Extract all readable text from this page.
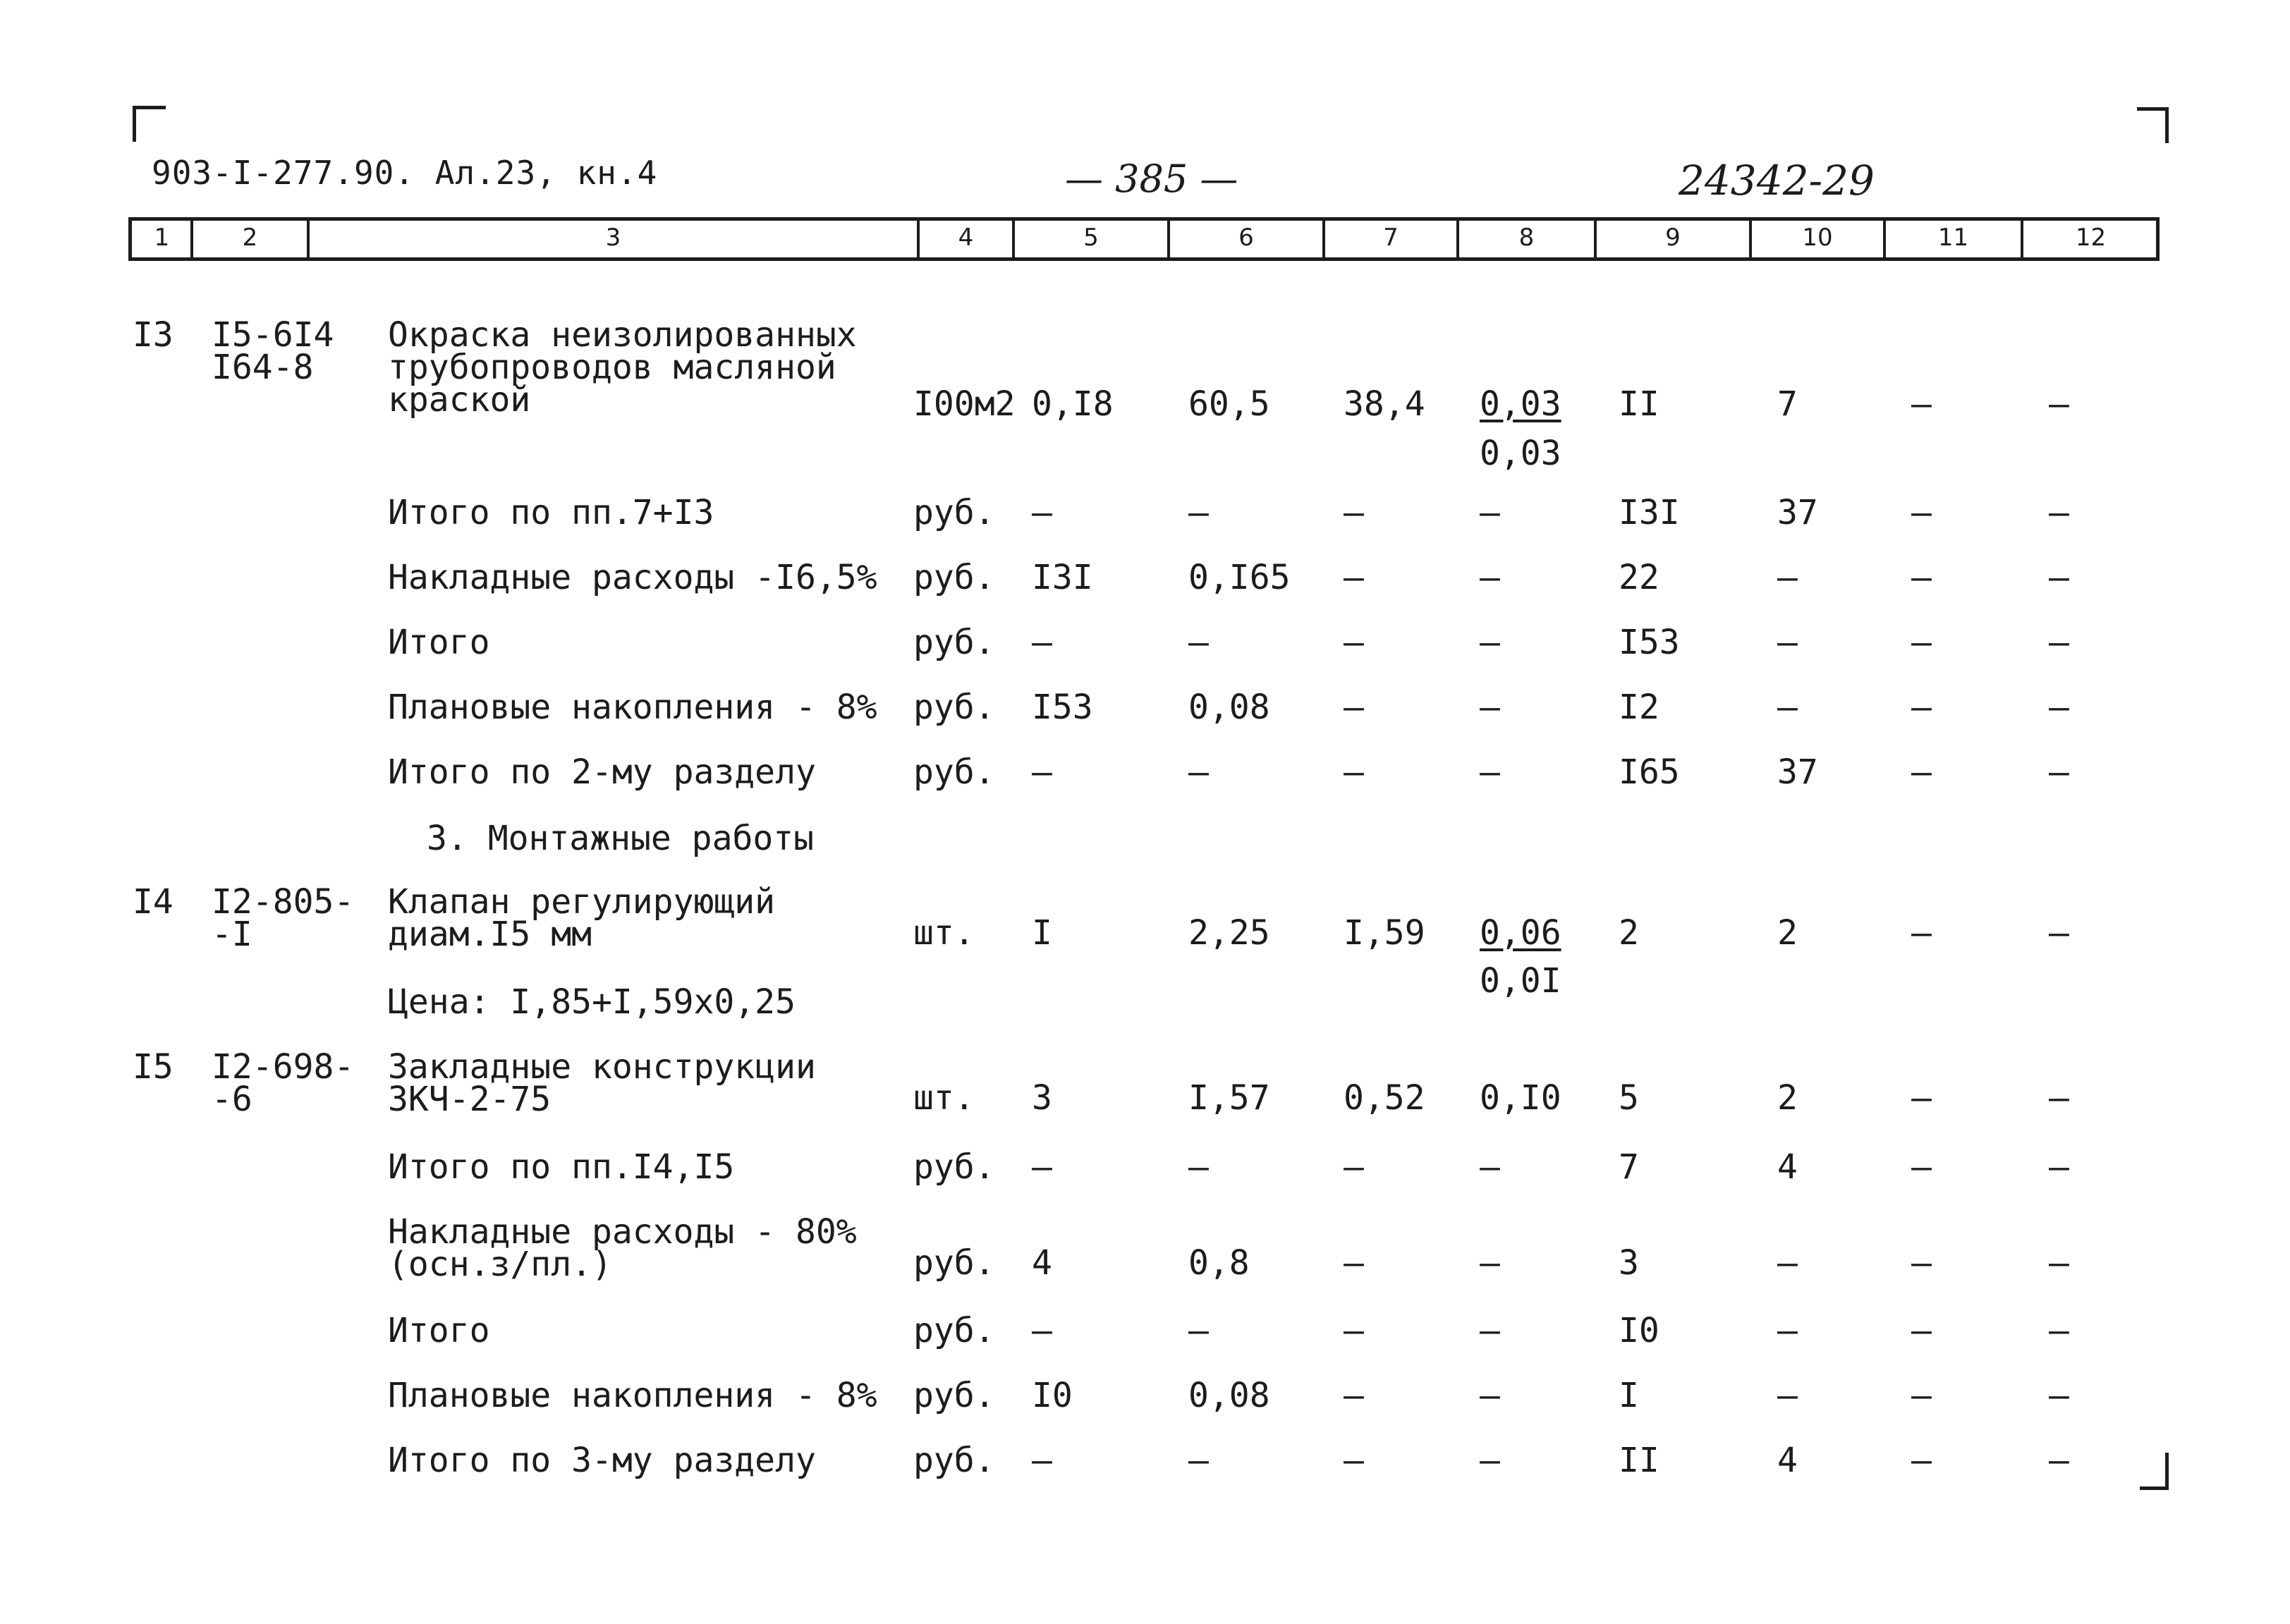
903-I-277.90. Ал.23, кн.4	— 385 —	24342-29
1	2	3	4	5	6	7	8	9	10	11	12
I3 I5-6I4
I64-8
Окраска неизолированных
трубопроводов масляной
краской	I00м2 0,I8 60,5 38,4 0,03 II	7	–	–
0,03
Итого по пп.7+I3	руб. –	–	–	–	I3I	37	–	–
Накладные расходы -I6,5% руб. I3I	0,I65 –	–	22	–	–	–
Итого	руб. –	–	–	–	I53	–	–	–
Плановые накопления - 8% руб. I53	0,08 –	–	I2	–	–	–
Итого по 2-му разделу	руб. –	–	–	–	I65	37	–	–
3. Монтажные работы
I4 I2-805-
-I
Клапан регулирующий
диам.I5 мм	шт. I	2,25 I,59 0,06 2	2	–	–
0,0I
Цена: I,85+I,59x0,25
I5 I2-698-
-6
Закладные конструкции
ЗКЧ-2-75	шт. 3	I,57 0,52 0,I0 5	2	–	–
Итого по пп.I4,I5	руб. –	–	–	–	7	4	–	–
Накладные расходы - 80%
(осн.з/пл.)	руб. 4	0,8	–	–	3	–	–	–
Итого	руб. –	–	–	–	I0	–	–	–
Плановые накопления - 8% руб. I0	0,08 –	–	I	–	–	–
Итого по 3-му разделу	руб. –	–	–	–	II	4	–	–
